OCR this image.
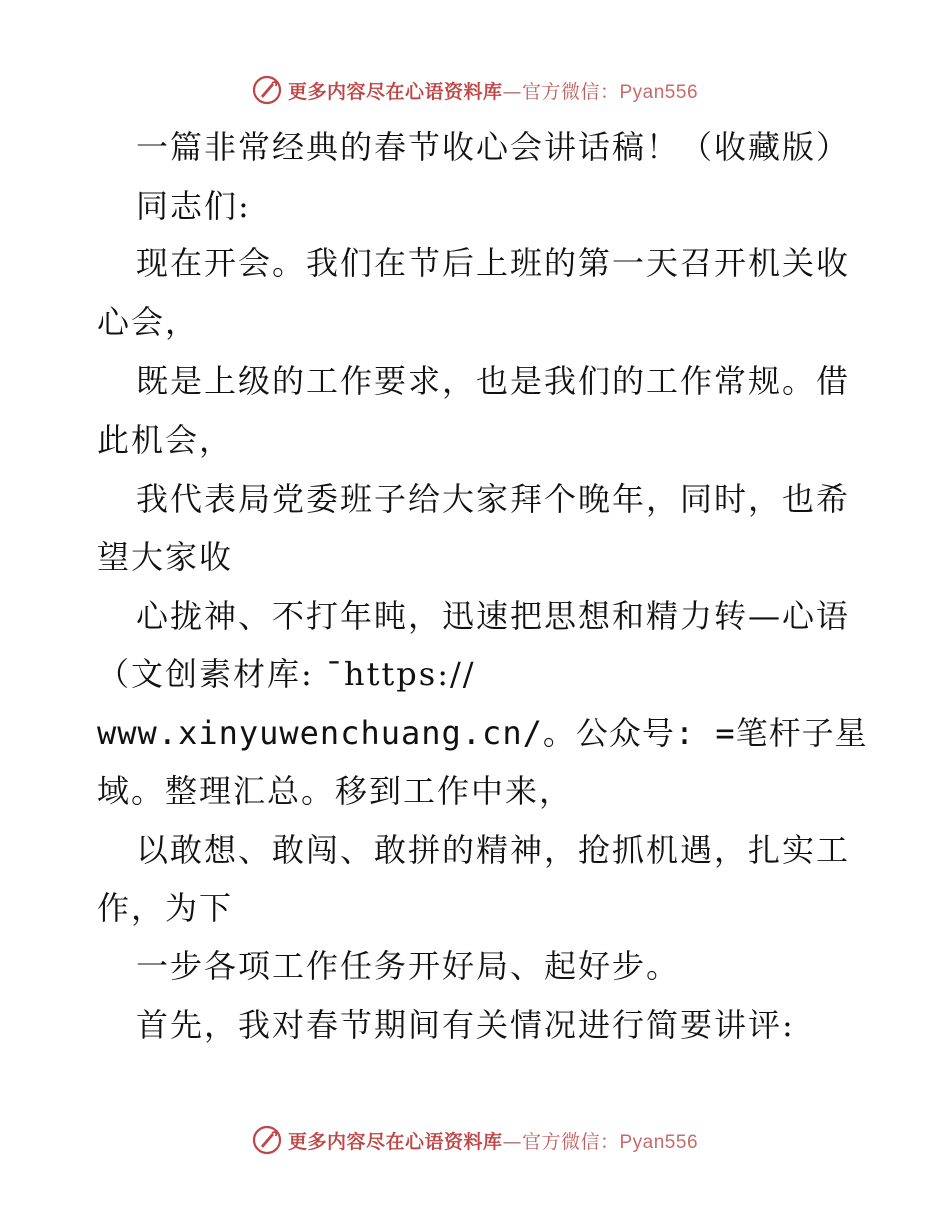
更多内容尽在心语资料库—官方微信：Pyan556
一篇非常经典的春节收心会讲话稿！（收藏版）
同志们:
现在开会。我们在节后上班的第一天召开机关收
心会，
既是上级的工作要求，也是我们的工作常规。借
此机会，
我代表局党委班子给大家拜个晚年，同时，也希
望大家收
心拢神、不打年盹，迅速把思想和精力转—心语
（文创素材库: ¯https://
www.xinyuwenchuang.cn/。公众号: =笔杆子星
域。整理汇总。移到工作中来，
以敢想、敢闯、敢拼的精神，抢抓机遇，扎实工
作，为下
一步各项工作任务开好局、起好步。
首先，我对春节期间有关情况进行简要讲评:
更多内容尽在心语资料库—官方微信：Pyan556
